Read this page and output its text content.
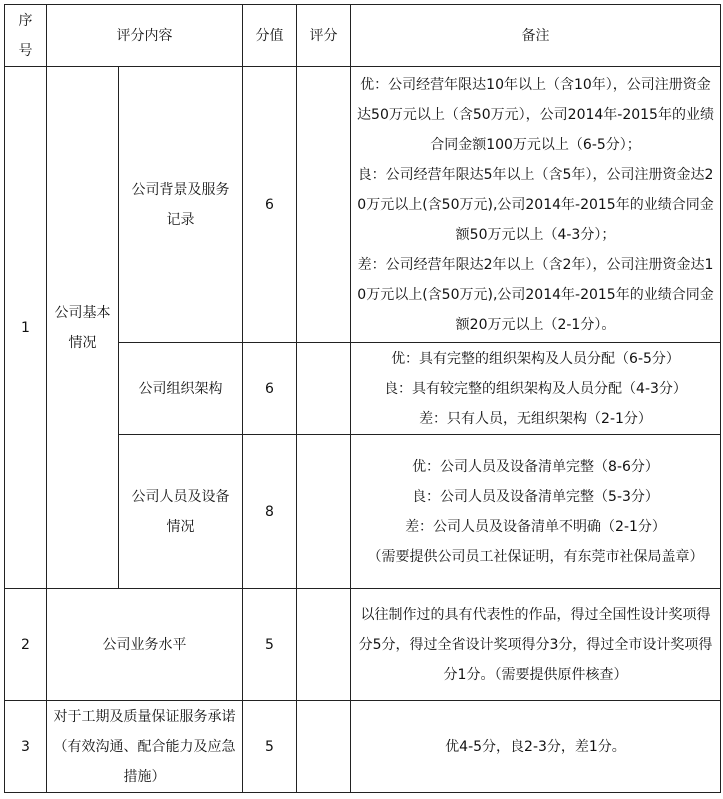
序
号	评分内容		分值	评分	备注
1	公司基本情况	公司背景及服务记录	6		优：公司经营年限达10年以上（含10年），公司注册资金达50万元以上（含50万元），公司2014年-2015年的业绩合同金额100万元以上（6-5分）；
良：公司经营年限达5年以上（含5年），公司注册资金达20万元以上(含50万元),公司2014年-2015年的业绩合同金额50万元以上（4-3分）；
差：公司经营年限达2年以上（含2年），公司注册资金达10万元以上(含50万元),公司2014年-2015年的业绩合同金额20万元以上（2-1分）。

		公司组织架构	6		优：具有完整的组织架构及人员分配（6-5分）
良：具有较完整的组织架构及人员分配（4-3分）
差：只有人员，无组织架构（2-1分）

		公司人员及设备情况	8		优：公司人员及设备清单完整（8-6分）
良：公司人员及设备清单完整（5-3分）
差：公司人员及设备清单不明确（2-1分）
（需要提供公司员工社保证明，有东莞市社保局盖章）

2	公司业务水平		5		以往制作过的具有代表性的作品，得过全国性设计奖项得分5分，得过全省设计奖项得分3分，得过全市设计奖项得分1分。（需要提供原件核查）
3	对于工期及质量保证服务承诺（有效沟通、配合能力及应急措施）		5		优4-5分，良2-3分，差1分。
